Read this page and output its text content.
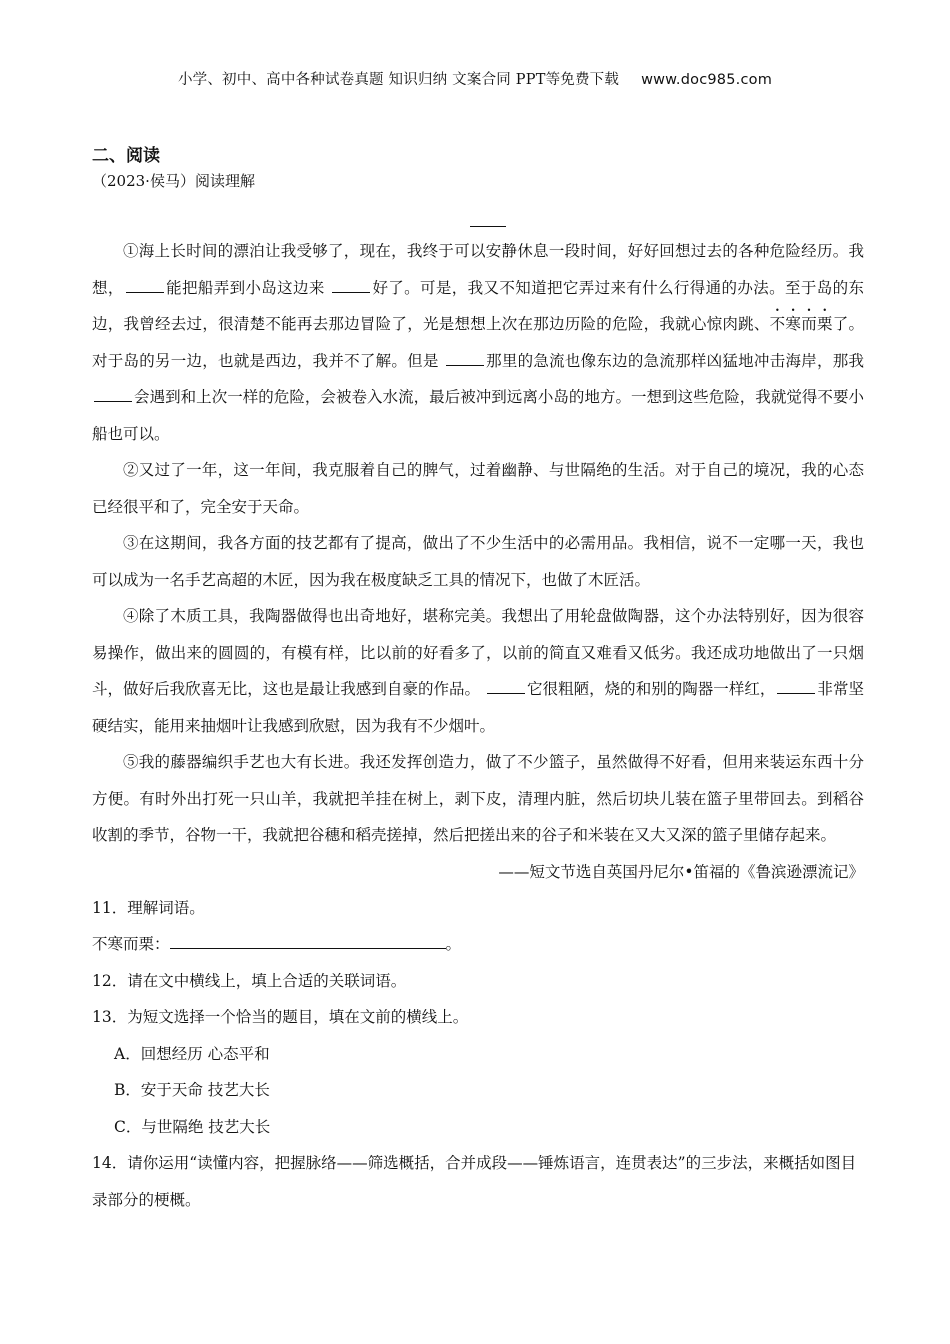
小学、初中、高中各种试卷真题 知识归纳 文案合同 PPT等免费下载 www.doc985.com
二、阅读
（2023·侯马）阅读理解

①海上长时间的漂泊让我受够了，现在，我终于可以安静休息一段时间，好好回想过去的各种危险经历。我想，	能把船弄到小岛这边来	好了。可是，我又不知道把它弄过来有什么行得通的办法。至于岛的东边，我曾经去过，很清楚不能再去那边冒险了，光是想想上次在那边历险的危险，我就心惊肉跳、不寒而栗了。对于岛的另一边，也就是西边，我并不了解。但是	那里的急流也像东边的急流那样凶猛地冲击海岸，那我 会遇到和上次一样的危险，会被卷入水流，最后被冲到远离小岛的地方。一想到这些危险，我就觉得不要小船也可以。

②又过了一年，这一年间，我克服着自己的脾气，过着幽静、与世隔绝的生活。对于自己的境况，我的心态已经很平和了，完全安于天命。

③在这期间，我各方面的技艺都有了提高，做出了不少生活中的必需用品。我相信，说不一定哪一天，我也可以成为一名手艺高超的木匠，因为我在极度缺乏工具的情况下，也做了木匠活。

④除了木质工具，我陶器做得也出奇地好，堪称完美。我想出了用轮盘做陶器，这个办法特别好，因为很容易操作，做出来的圆圆的，有模有样，比以前的好看多了，以前的简直又难看又低劣。我还成功地做出了一只烟斗，做好后我欣喜无比，这也是最让我感到自豪的作品。	它很粗陋，烧的和别的陶器一样红，	非常坚硬结实，能用来抽烟叶让我感到欣慰，因为我有不少烟叶。

⑤我的藤器编织手艺也大有长进。我还发挥创造力，做了不少篮子，虽然做得不好看，但用来装运东西十分方便。有时外出打死一只山羊，我就把羊挂在树上，剥下皮，清理内脏，然后切块儿装在篮子里带回去。到稻谷收割的季节，谷物一干，我就把谷穗和稻壳搓掉，然后把搓出来的谷子和米装在又大又深的篮子里储存起来。

——短文节选自英国丹尼尔•笛福的《鲁滨逊漂流记》

11．理解词语。

不寒而栗：	。

12．请在文中横线上，填上合适的关联词语。

13．为短文选择一个恰当的题目，填在文前的横线上。

A．回想经历 心态平和

B．安于天命 技艺大长

C．与世隔绝 技艺大长

14．请你运用“读懂内容，把握脉络——筛选概括，合并成段——锤炼语言，连贯表达”的三步法，来概括如图目录部分的梗概。
